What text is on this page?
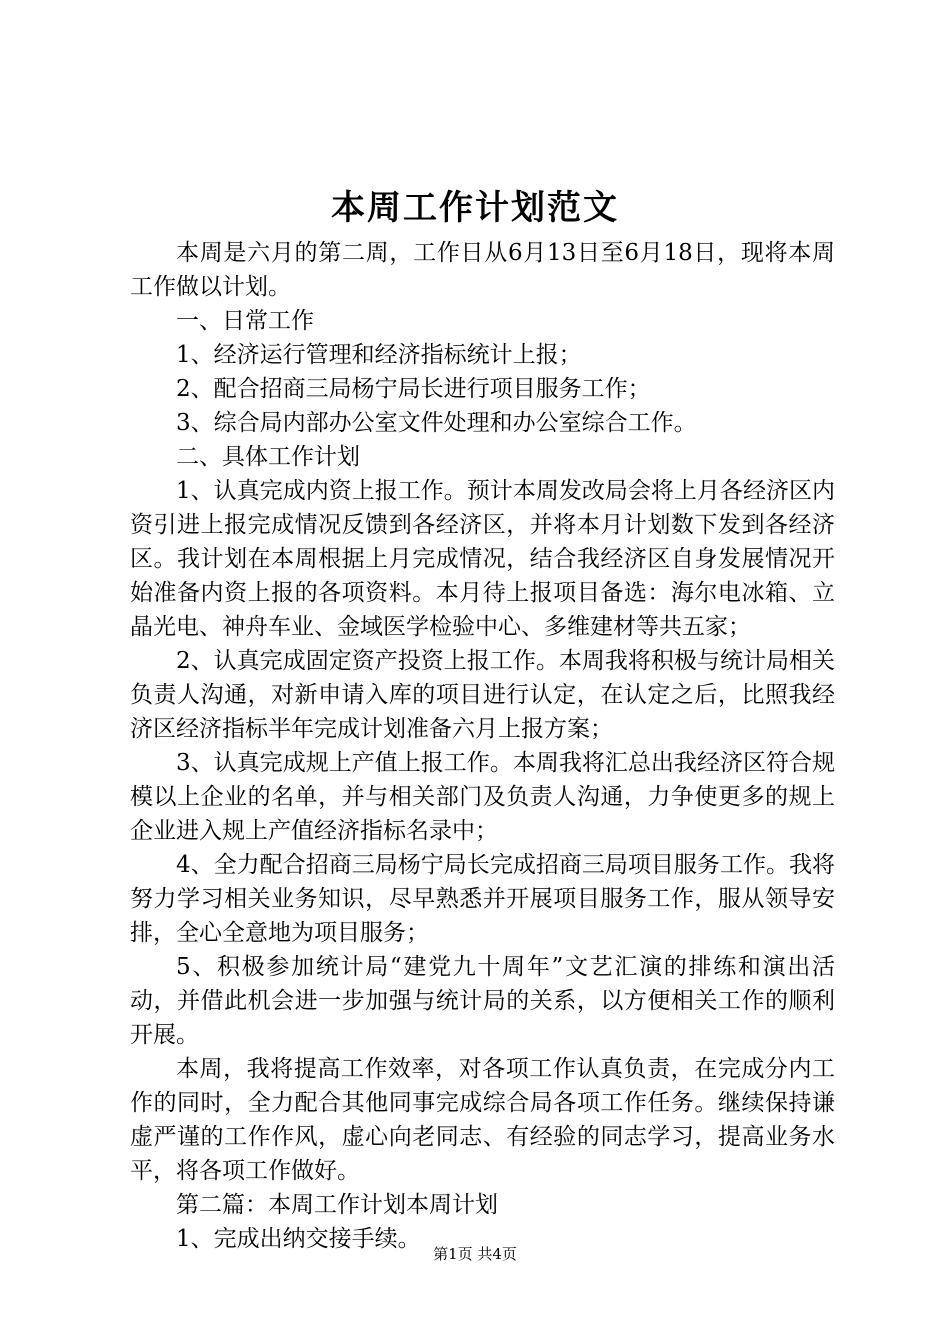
本周工作计划范文

本周是六月的第二周，工作日从6月13日至6月18日，现将本周工作做以计划。

一、日常工作

1、经济运行管理和经济指标统计上报；

2、配合招商三局杨宁局长进行项目服务工作；

3、综合局内部办公室文件处理和办公室综合工作。

二、具体工作计划

1、认真完成内资上报工作。预计本周发改局会将上月各经济区内资引进上报完成情况反馈到各经济区，并将本月计划数下发到各经济区。我计划在本周根据上月完成情况，结合我经济区自身发展情况开始准备内资上报的各项资料。本月待上报项目备选：海尔电冰箱、立晶光电、神舟车业、金域医学检验中心、多维建材等共五家；

2、认真完成固定资产投资上报工作。本周我将积极与统计局相关负责人沟通，对新申请入库的项目进行认定，在认定之后，比照我经济区经济指标半年完成计划准备六月上报方案；

3、认真完成规上产值上报工作。本周我将汇总出我经济区符合规模以上企业的名单，并与相关部门及负责人沟通，力争使更多的规上企业进入规上产值经济指标名录中；

4、全力配合招商三局杨宁局长完成招商三局项目服务工作。我将努力学习相关业务知识，尽早熟悉并开展项目服务工作，服从领导安排，全心全意地为项目服务；

5、积极参加统计局“建党九十周年”文艺汇演的排练和演出活动，并借此机会进一步加强与统计局的关系，以方便相关工作的顺利开展。

本周，我将提高工作效率，对各项工作认真负责，在完成分内工作的同时，全力配合其他同事完成综合局各项工作任务。继续保持谦虚严谨的工作作风，虚心向老同志、有经验的同志学习，提高业务水平，将各项工作做好。

第二篇：本周工作计划本周计划

1、完成出纳交接手续。

第1页 共4页
